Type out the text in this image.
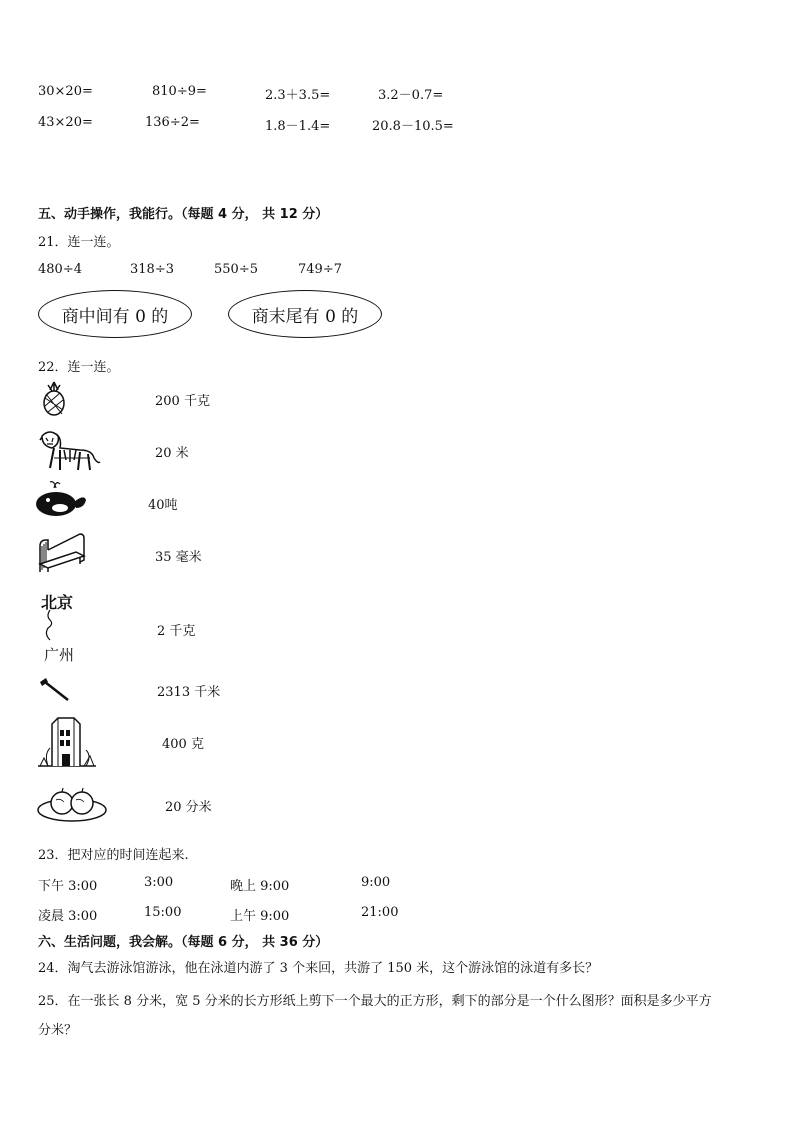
30×20=	810÷9=	2.3＋3.5=	3.2－0.7=
43×20=	136÷2=	1.8－1.4=	20.8－10.5=
五、动手操作，我能行。（每题 4 分， 共 12 分）
21．连一连。
480÷4	318÷3	550÷5	749÷7
商中间有 0 的	商末尾有 0 的
22．连一连。
200 千克
20 米
40吨
35 毫米
北京
广州
2 千克
2313 千米
400 克
20 分米
23．把对应的时间连起来.
下午 3:00	3:00	晚上 9:00	9:00
凌晨 3:00	15:00	上午 9:00	21:00
六、生活问题，我会解。（每题 6 分， 共 36 分）
24．淘气去游泳馆游泳，他在泳道内游了 3 个来回，共游了 150 米，这个游泳馆的泳道有多长？
25．在一张长 8 分米，宽 5 分米的长方形纸上剪下一个最大的正方形，剩下的部分是一个什么图形？面积是多少平方
分米？
